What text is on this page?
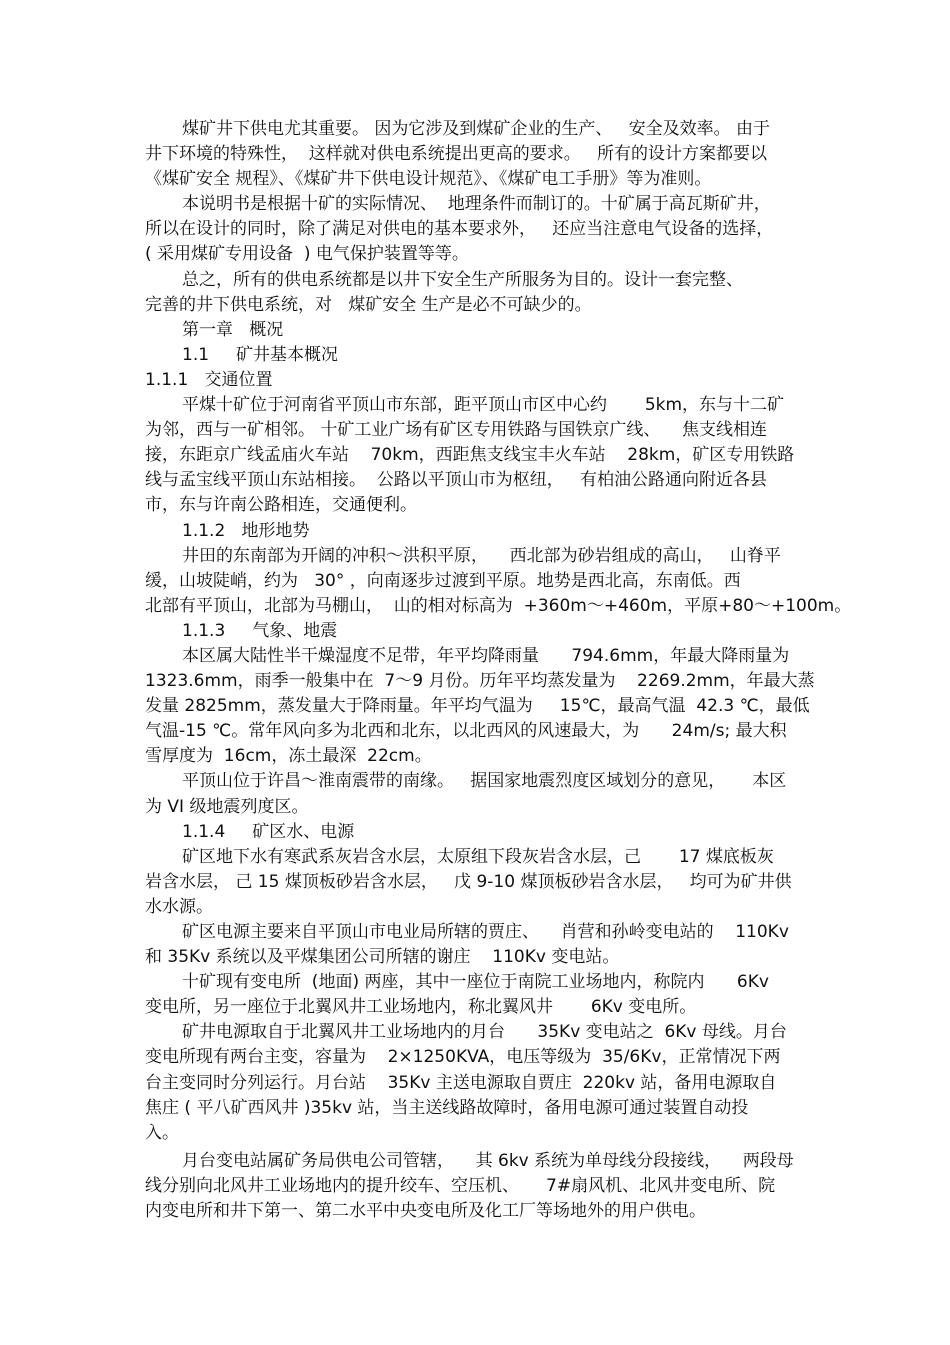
煤矿井下供电尤其重要。 因为它涉及到煤矿企业的生产、   安全及效率。 由于
井下环境的特殊性，  这样就对供电系统提出更高的要求。   所有的设计方案都要以
《煤矿安全 规程》、《煤矿井下供电设计规范》、《煤矿电工手册》等为准则。
本说明书是根据十矿的实际情况、  地理条件而制订的。十矿属于高瓦斯矿井，
所以在设计的同时，除了满足对供电的基本要求外，   还应当注意电气设备的选择，
( 采用煤矿专用设备  ) 电气保护装置等等。
总之，所有的供电系统都是以井下安全生产所服务为目的。设计一套完整、
完善的井下供电系统，对   煤矿安全 生产是必不可缺少的。
第一章   概况
1.1     矿井基本概况
1.1.1   交通位置
平煤十矿位于河南省平顶山市东部，距平顶山市区中心约       5km，东与十二矿
为邻，西与一矿相邻。 十矿工业广场有矿区专用铁路与国铁京广线、    焦支线相连
接，东距京广线孟庙火车站    70km，西距焦支线宝丰火车站    28km，矿区专用铁路
线与孟宝线平顶山东站相接。  公路以平顶山市为枢纽，   有柏油公路通向附近各县
市，东与许南公路相连，交通便利。
1.1.2   地形地势
井田的东南部为开阔的冲积～洪积平原，    西北部为砂岩组成的高山，   山脊平
缓，山坡陡峭，约为   30° ，向南逐步过渡到平原。地势是西北高，东南低。西
北部有平顶山，北部为马棚山，  山的相对标高为  +360m～+460m，平原+80～+100m。
1.1.3     气象、地震
本区属大陆性半干燥湿度不足带，年平均降雨量      794.6mm，年最大降雨量为
1323.6mm，雨季一般集中在  7～9 月份。历年平均蒸发量为    2269.2mm，年最大蒸
发量 2825mm，蒸发量大于降雨量。年平均气温为     15℃，最高气温  42.3 ℃，最低
气温-15 ℃。常年风向多为北西和北东，以北西风的风速最大，为      24m/s; 最大积
雪厚度为  16cm，冻土最深  22cm。
平顶山位于许昌～淮南震带的南缘。   据国家地震烈度区域划分的意见，     本区
为 VI 级地震列度区。
1.1.4     矿区水、电源
矿区地下水有寒武系灰岩含水层，太原组下段灰岩含水层，己       17 煤底板灰
岩含水层， 己 15 煤顶板砂岩含水层，   戊 9-10 煤顶板砂岩含水层，   均可为矿井供
水水源。
矿区电源主要来自平顶山市电业局所辖的贾庄、    肖营和孙岭变电站的    110Kv
和 35Kv 系统以及平煤集团公司所辖的谢庄    110Kv 变电站。
十矿现有变电所  (地面) 两座，其中一座位于南院工业场地内，称院内      6Kv
变电所，另一座位于北翼风井工业场地内，称北翼风井       6Kv 变电所。
矿井电源取自于北翼风井工业场地内的月台      35Kv 变电站之  6Kv 母线。月台
变电所现有两台主变，容量为    2×1250KVA，电压等级为  35/6Kv，正常情况下两
台主变同时分列运行。月台站    35Kv 主送电源取自贾庄  220kv 站，备用电源取自
焦庄 ( 平八矿西风井 )35kv 站，当主送线路故障时，备用电源可通过装置自动投
入。
月台变电站属矿务局供电公司管辖，    其 6kv 系统为单母线分段接线，    两段母
线分别向北风井工业场地内的提升绞车、空压机、     7#扇风机、北风井变电所、院
内变电所和井下第一、第二水平中央变电所及化工厂等场地外的用户供电。
